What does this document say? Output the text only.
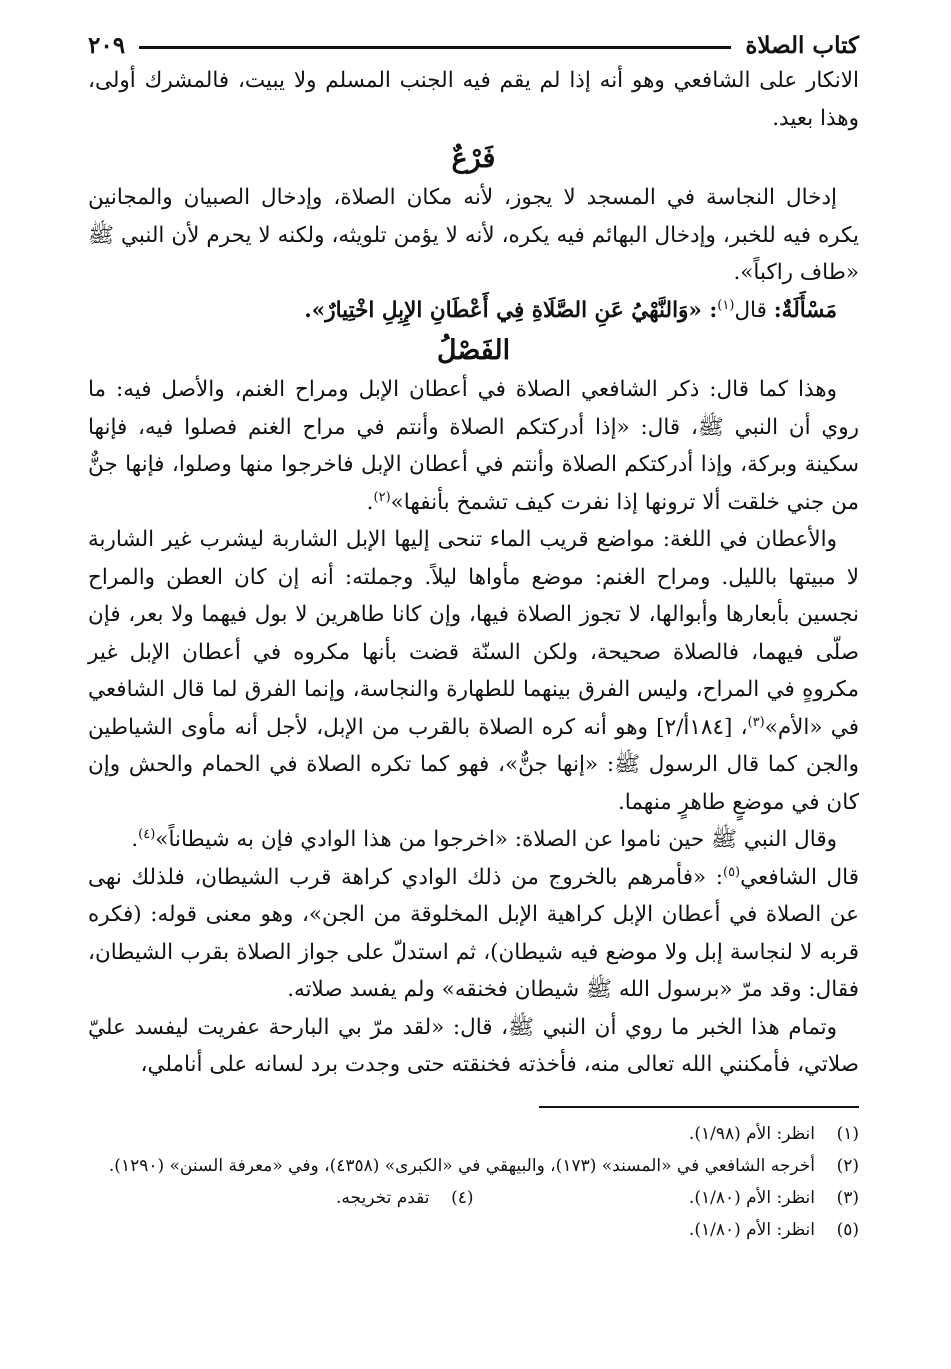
كتاب الصلاة
٢٠٩

الانكار على الشافعي وهو أنه إذا لم يقم فيه الجنب المسلم ولا يبيت، فالمشرك أولى، وهذا بعيد.

فَرْعٌ

إدخال النجاسة في المسجد لا يجوز، لأنه مكان الصلاة، وإدخال الصبيان والمجانين يكره فيه للخبر، وإدخال البهائم فيه يكره، لأنه لا يؤمن تلويثه، ولكنه لا يحرم لأن النبي ﷺ «طاف راكباً».

مَسْأَلَةٌ: قال$^{(١)}$: «وَالنَّهْيُ عَنِ الصَّلَاةِ فِي أَعْطَانِ الإِبِلِ اخْتِيارٌ».

الفَصْلُ

وهذا كما قال: ذكر الشافعي الصلاة في أعطان الإبل ومراح الغنم، والأصل فيه: ما روي أن النبي ﷺ، قال: «إذا أدركتكم الصلاة وأنتم في مراح الغنم فصلوا فيه، فإنها سكينة وبركة، وإذا أدركتكم الصلاة وأنتم في أعطان الإبل فاخرجوا منها وصلوا، فإنها جنٌّ من جني خلقت ألا ترونها إذا نفرت كيف تشمخ بأنفها»$^{(٢)}$.

والأعطان في اللغة: مواضع قريب الماء تنحى إليها الإبل الشاربة ليشرب غير الشاربة لا مبيتها بالليل. ومراح الغنم: موضع مأواها ليلاً. وجملته: أنه إن كان العطن والمراح نجسين بأبعارها وأبوالها، لا تجوز الصلاة فيها، وإن كانا طاهرين لا بول فيهما ولا بعر، فإن صلّى فيهما، فالصلاة صحيحة، ولكن السنّة قضت بأنها مكروه في أعطان الإبل غير مكروهٍ في المراح، وليس الفرق بينهما للطهارة والنجاسة، وإنما الفرق لما قال الشافعي في «الأم»$^{(٣)}$، [١٨٤أ/٢] وهو أنه كره الصلاة بالقرب من الإبل، لأجل أنه مأوى الشياطين والجن كما قال الرسول ﷺ: «إنها جنٌّ»، فهو كما تكره الصلاة في الحمام والحش وإن كان في موضعٍ طاهرٍ منهما.

وقال النبي ﷺ حين ناموا عن الصلاة: «اخرجوا من هذا الوادي فإن به شيطاناً»$^{(٤)}$.

قال الشافعي$^{(٥)}$: «فأمرهم بالخروج من ذلك الوادي كراهة قرب الشيطان، فلذلك نهى عن الصلاة في أعطان الإبل كراهية الإبل المخلوقة من الجن»، وهو معنى قوله: (فكره قربه لا لنجاسة إبل ولا موضع فيه شيطان)، ثم استدلّ على جواز الصلاة بقرب الشيطان، فقال: وقد مرّ «برسول الله ﷺ شيطان فخنقه» ولم يفسد صلاته.

وتمام هذا الخبر ما روي أن النبي ﷺ، قال: «لقد مرّ بي البارحة عفريت ليفسد عليّ صلاتي، فأمكنني الله تعالى منه، فأخذته فخنقته حتى وجدت برد لسانه على أناملي،

(١)
انظر: الأم (١/٩٨).
(٢)
أخرجه الشافعي في «المسند» (١٧٣)، والبيهقي في «الكبرى» (٤٣٥٨)، وفي «معرفة السنن» (١٢٩٠).
(٣)
انظر: الأم (١/٨٠).
(٤)
تقدم تخريجه.
(٥)
انظر: الأم (١/٨٠).
